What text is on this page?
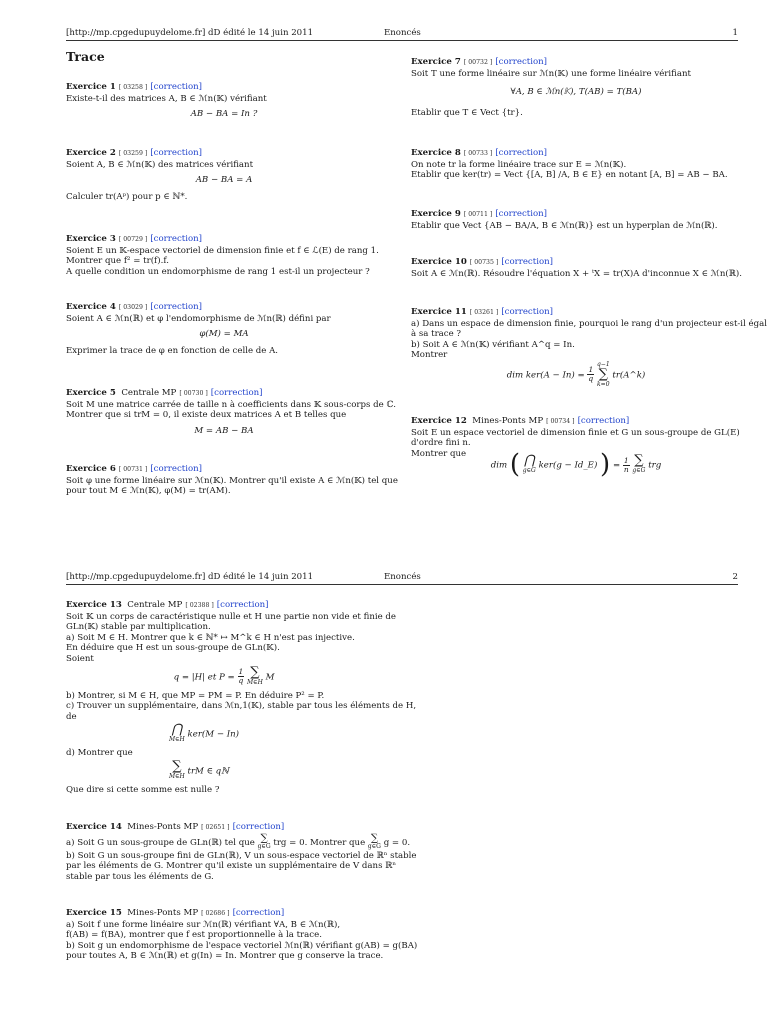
[http://mp.cpgedupuydelome.fr] dD édité le 14 juin 2011	Enoncés	1
Trace
Exercice 1 [ 03258 ] [correction]
Existe-t-il des matrices A, B ∈ ℳn(𝕂) vérifiant
AB − BA = In ?
Exercice 2 [ 03259 ] [correction]
Soient A, B ∈ ℳn(𝕂) des matrices vérifiant
AB − BA = A
Calculer tr(Aᵖ) pour p ∈ ℕ*.
Exercice 3 [ 00729 ] [correction]
Soient E un 𝕂-espace vectoriel de dimension finie et f ∈ ℒ(E) de rang 1.
Montrer que f² = tr(f).f.
A quelle condition un endomorphisme de rang 1 est-il un projecteur ?
Exercice 4 [ 03029 ] [correction]
Soient A ∈ ℳn(ℝ) et φ l'endomorphisme de ℳn(ℝ) défini par
φ(M) = MA
Exprimer la trace de φ en fonction de celle de A.
Exercice 5 Centrale MP [ 00730 ] [correction]
Soit M une matrice carrée de taille n à coefficients dans 𝕂 sous-corps de ℂ.
Montrer que si trM = 0, il existe deux matrices A et B telles que
M = AB − BA
Exercice 6 [ 00731 ] [correction]
Soit φ une forme linéaire sur ℳn(𝕂). Montrer qu'il existe A ∈ ℳn(𝕂) tel que
pour tout M ∈ ℳn(𝕂), φ(M) = tr(AM).
Exercice 7 [ 00732 ] [correction]
Soit T une forme linéaire sur ℳn(𝕂) une forme linéaire vérifiant
∀A, B ∈ ℳn(𝕂), T(AB) = T(BA)
Etablir que T ∈ Vect {tr}.
Exercice 8 [ 00733 ] [correction]
On note tr la forme linéaire trace sur E = ℳn(𝕂).
Etablir que ker(tr) = Vect {[A, B] /A, B ∈ E} en notant [A, B] = AB − BA.
Exercice 9 [ 00711 ] [correction]
Etablir que Vect {AB − BA/A, B ∈ ℳn(ℝ)} est un hyperplan de ℳn(ℝ).
Exercice 10 [ 00735 ] [correction]
Soit A ∈ ℳn(ℝ). Résoudre l'équation X + ᵗX = tr(X)A d'inconnue X ∈ ℳn(ℝ).
Exercice 11 [ 03261 ] [correction]
a) Dans un espace de dimension finie, pourquoi le rang d'un projecteur est-il égal
à sa trace ?
b) Soit A ∈ ℳn(𝕂) vérifiant A^q = In.
Montrer
dim $ker(A - In) = \frac{1}{q}$

q−1
∑
k=0
tr(A^k)
Exercice 12 Mines-Ponts MP [ 00734 ] [correction]
Soit E un espace vectoriel de dimension finie et G un sous-groupe de GL(E)
d'ordre fini n.
Montrer que
dim ( ⋂
g∈G ker(g − Id_E) ) = $\frac{1}{n}$
∑
g∈G trg
[http://mp.cpgedupuydelome.fr] dD édité le 14 juin 2011	Enoncés	2
Exercice 13 Centrale MP [ 02388 ] [correction]
Soit 𝕂 un corps de caractéristique nulle et H une partie non vide et finie de
GLn(𝕂) stable par multiplication.
a) Soit M ∈ H. Montrer que k ∈ ℕ* ↦ M^k ∈ H n'est pas injective.
En déduire que H est un sous-groupe de GLn(𝕂).
Soient
q = |H| et $P = \frac{1}{q}$
∑
M∈H M
b) Montrer, si M ∈ H, que MP = PM = P. En déduire P² = P.
c) Trouver un supplémentaire, dans ℳn,1(𝕂), stable par tous les éléments de H,
de
⋂
M∈H ker(M − In)
d) Montrer que
∑
M∈H trM ∈ qℕ
Que dire si cette somme est nulle ?
Exercice 14 Mines-Ponts MP [ 02651 ] [correction]
a) Soit G un sous-groupe de GLn(ℝ) tel que ∑
g∈G trg = 0. Montrer que ∑
g∈G g = 0.
b) Soit G un sous-groupe fini de GLn(ℝ), V un sous-espace vectoriel de ℝⁿ stable
par les éléments de G. Montrer qu'il existe un supplémentaire de V dans ℝⁿ
stable par tous les éléments de G.
Exercice 15 Mines-Ponts MP [ 02686 ] [correction]
a) Soit f une forme linéaire sur ℳn(ℝ) vérifiant ∀A, B ∈ ℳn(ℝ),
f(AB) = f(BA), montrer que f est proportionnelle à la trace.
b) Soit g un endomorphisme de l'espace vectoriel ℳn(ℝ) vérifiant g(AB) = g(BA)
pour toutes A, B ∈ ℳn(ℝ) et g(In) = In. Montrer que g conserve la trace.
